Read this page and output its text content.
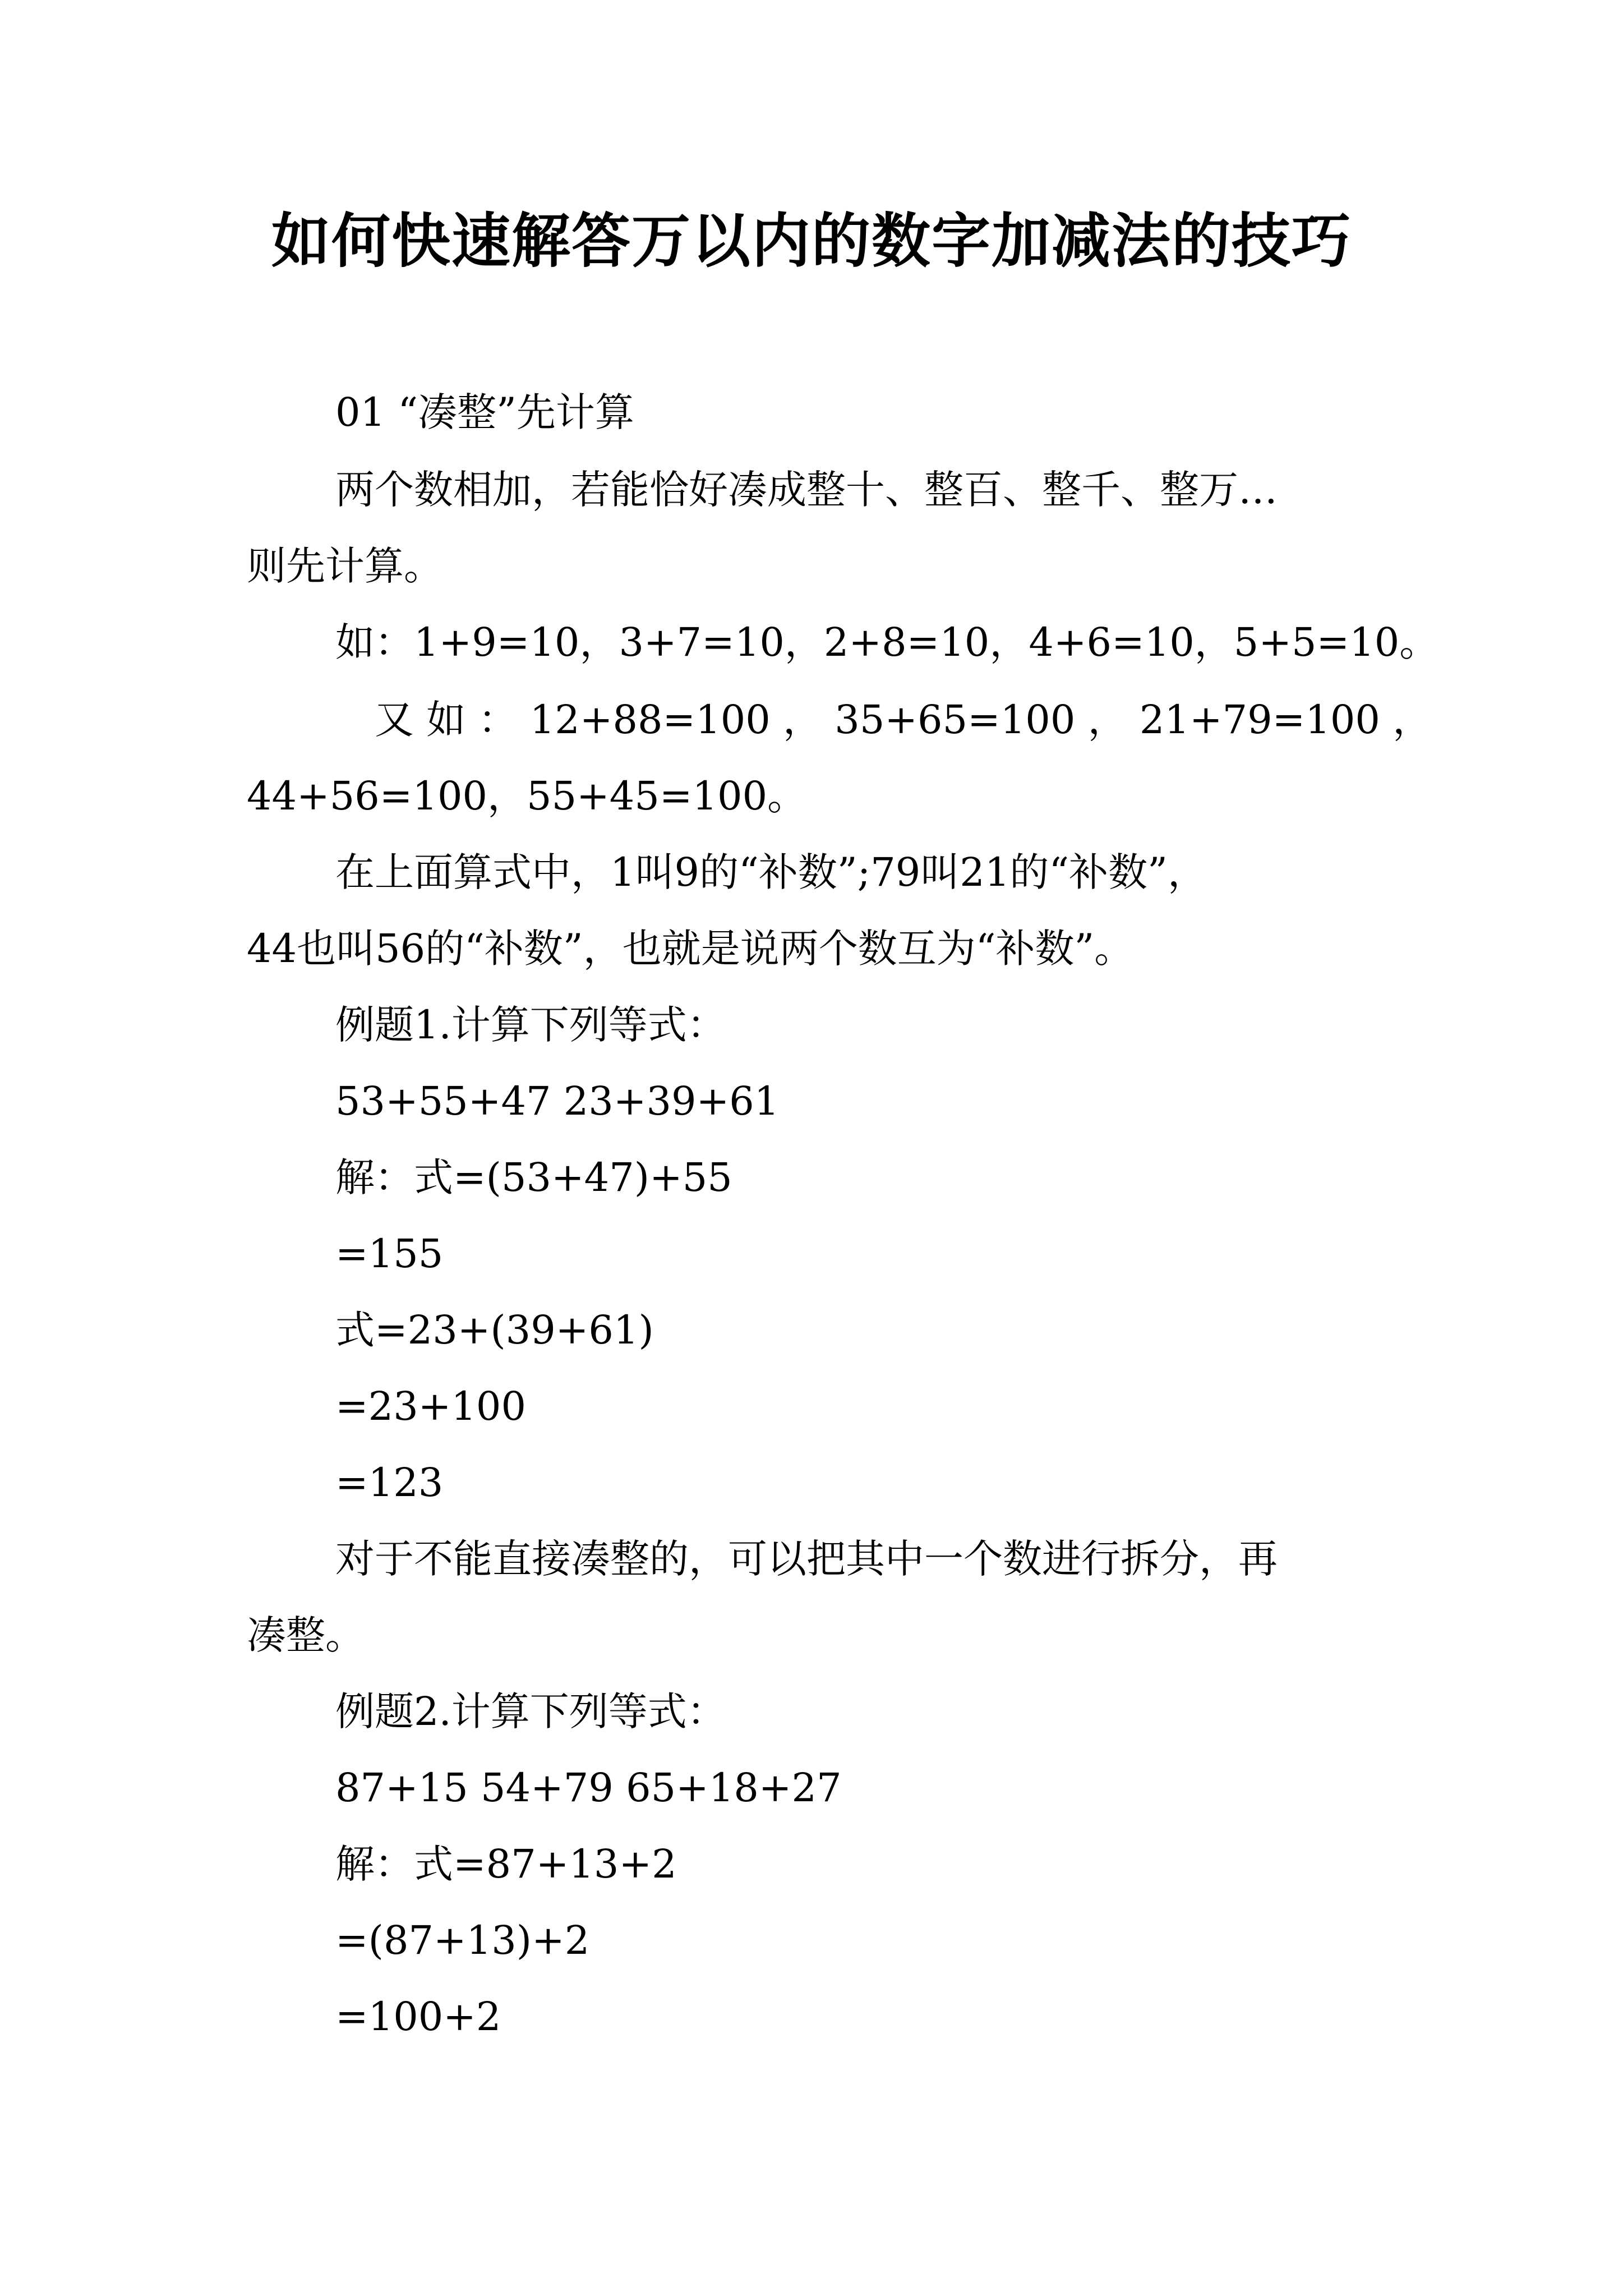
如何快速解答万以内的数字加减法的技巧

01 “凑整”先计算

两个数相加，若能恰好凑成整十、整百、整千、整万…

则先计算。

如：1+9=10，3+7=10，2+8=10，4+6=10，5+5=10。

又 如 ： 12+88=100 ， 35+65=100 ， 21+79=100 ，

44+56=100，55+45=100。

在上面算式中，1叫9的“补数”;79叫21的“补数”，

44也叫56的“补数”，也就是说两个数互为“补数”。

例题1.计算下列等式：

53+55+47 23+39+61

解：式=(53+47)+55

=155

式=23+(39+61)

=23+100

=123

对于不能直接凑整的，可以把其中一个数进行拆分，再

凑整。

例题2.计算下列等式：

87+15 54+79 65+18+27

解：式=87+13+2

=(87+13)+2

=100+2
